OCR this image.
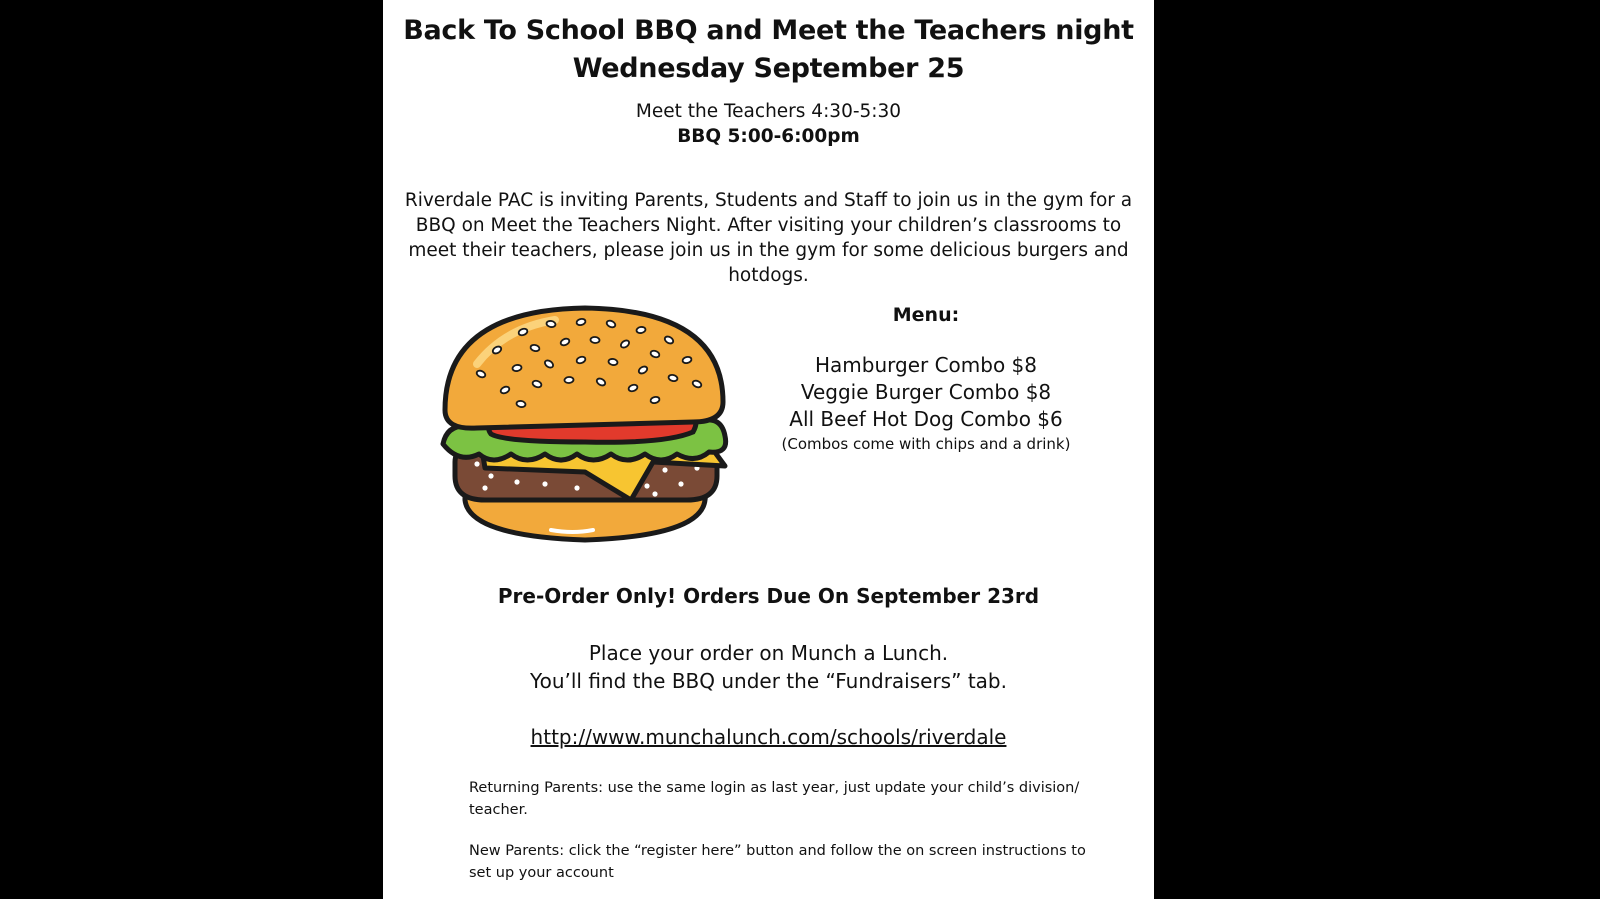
Back To School BBQ and Meet the Teachers night
Wednesday September 25
Meet the Teachers 4:30-5:30
BBQ 5:00-6:00pm

Riverdale PAC is inviting Parents, Students and Staff to join us in the gym for a BBQ on Meet the Teachers Night. After visiting your children’s classrooms to meet their teachers, please join us in the gym for some delicious burgers and hotdogs.

Menu:
Hamburger Combo $8
Veggie Burger Combo $8
All Beef Hot Dog Combo $6
(Combos come with chips and a drink)
Pre-Order Only! Orders Due On September 23rd
Place your order on Munch a Lunch.
You’ll find the BBQ under the “Fundraisers” tab.
http://www.munchalunch.com/schools/riverdale

Returning Parents: use the same login as last year, just update your child’s division/ teacher.

New Parents: click the “register here” button and follow the on screen instructions to set up your account
